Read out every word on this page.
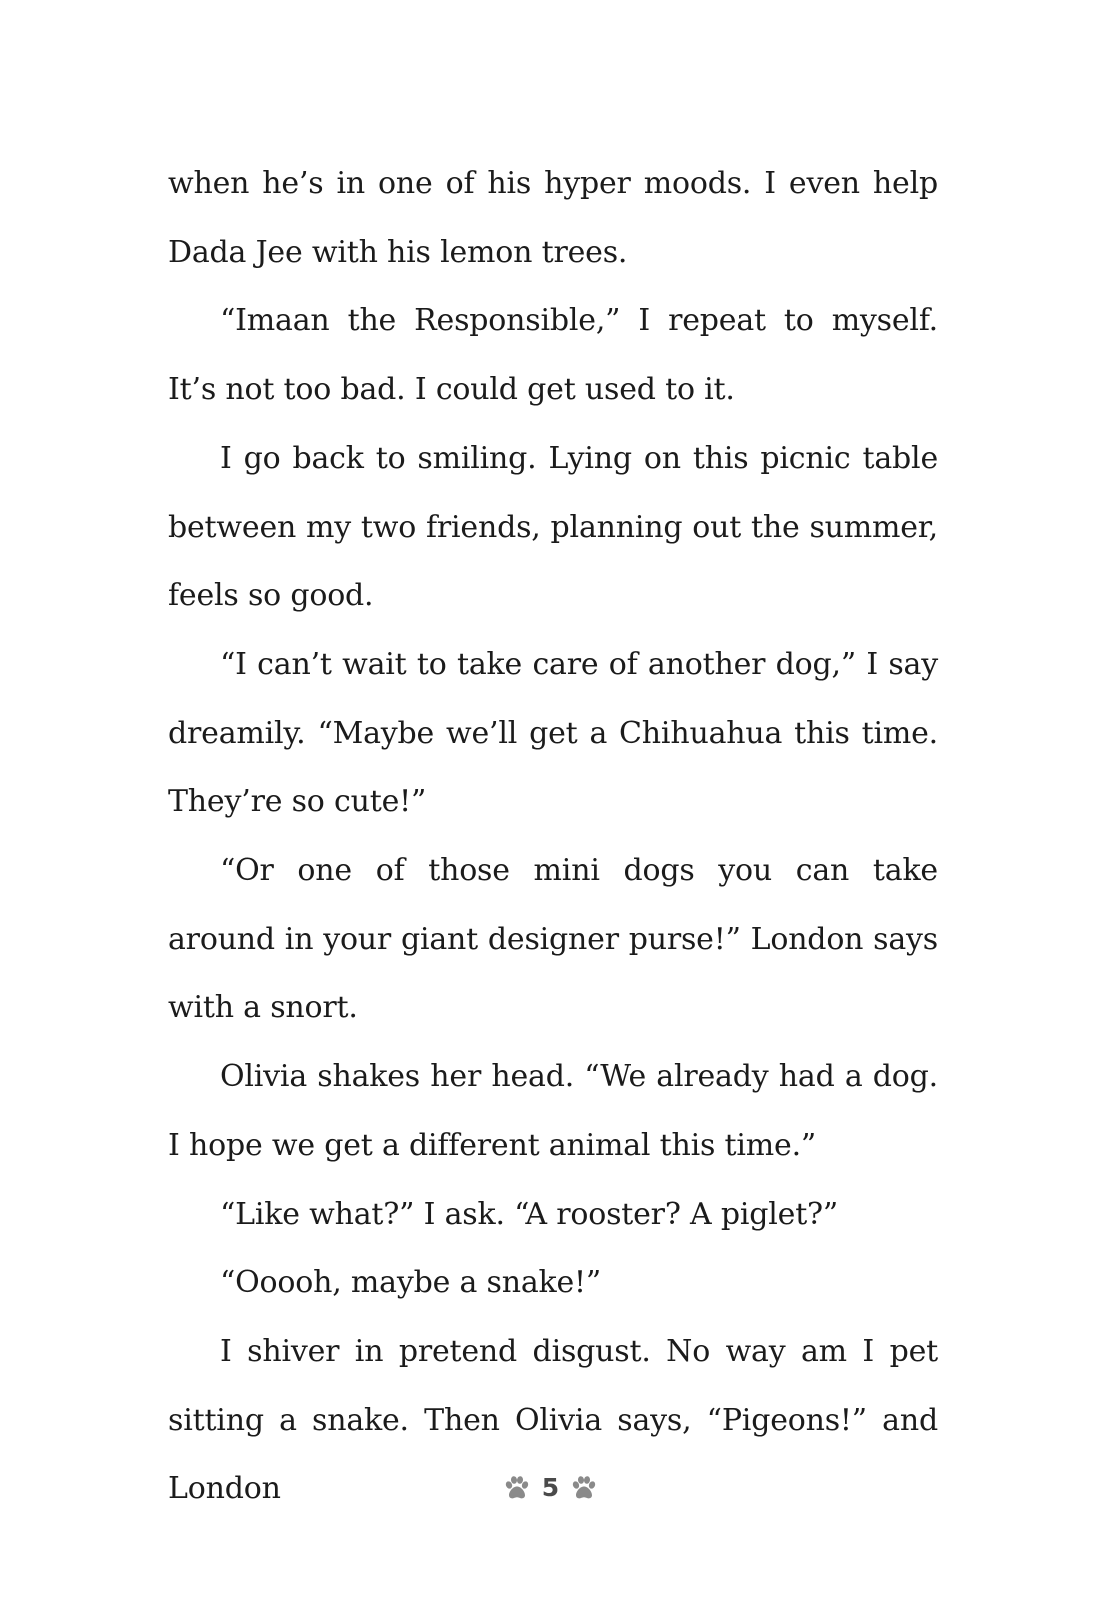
when he’s in one of his hyper moods. I even help Dada Jee with his lemon trees.

“Imaan the Responsible,” I repeat to myself. It’s not too bad. I could get used to it.

I go back to smiling. Lying on this picnic table between my two friends, planning out the summer, feels so good.

“I can’t wait to take care of another dog,” I say dreamily. “Maybe we’ll get a Chihuahua this time. They’re so cute!”

“Or one of those mini dogs you can take around in your giant designer purse!” London says with a snort.

Olivia shakes her head. “We already had a dog. I hope we get a different animal this time.”

“Like what?” I ask. “A rooster? A piglet?”

“Ooooh, maybe a snake!”

I shiver in pretend disgust. No way am I pet sitting a snake. Then Olivia says, “Pigeons!” and London	5
